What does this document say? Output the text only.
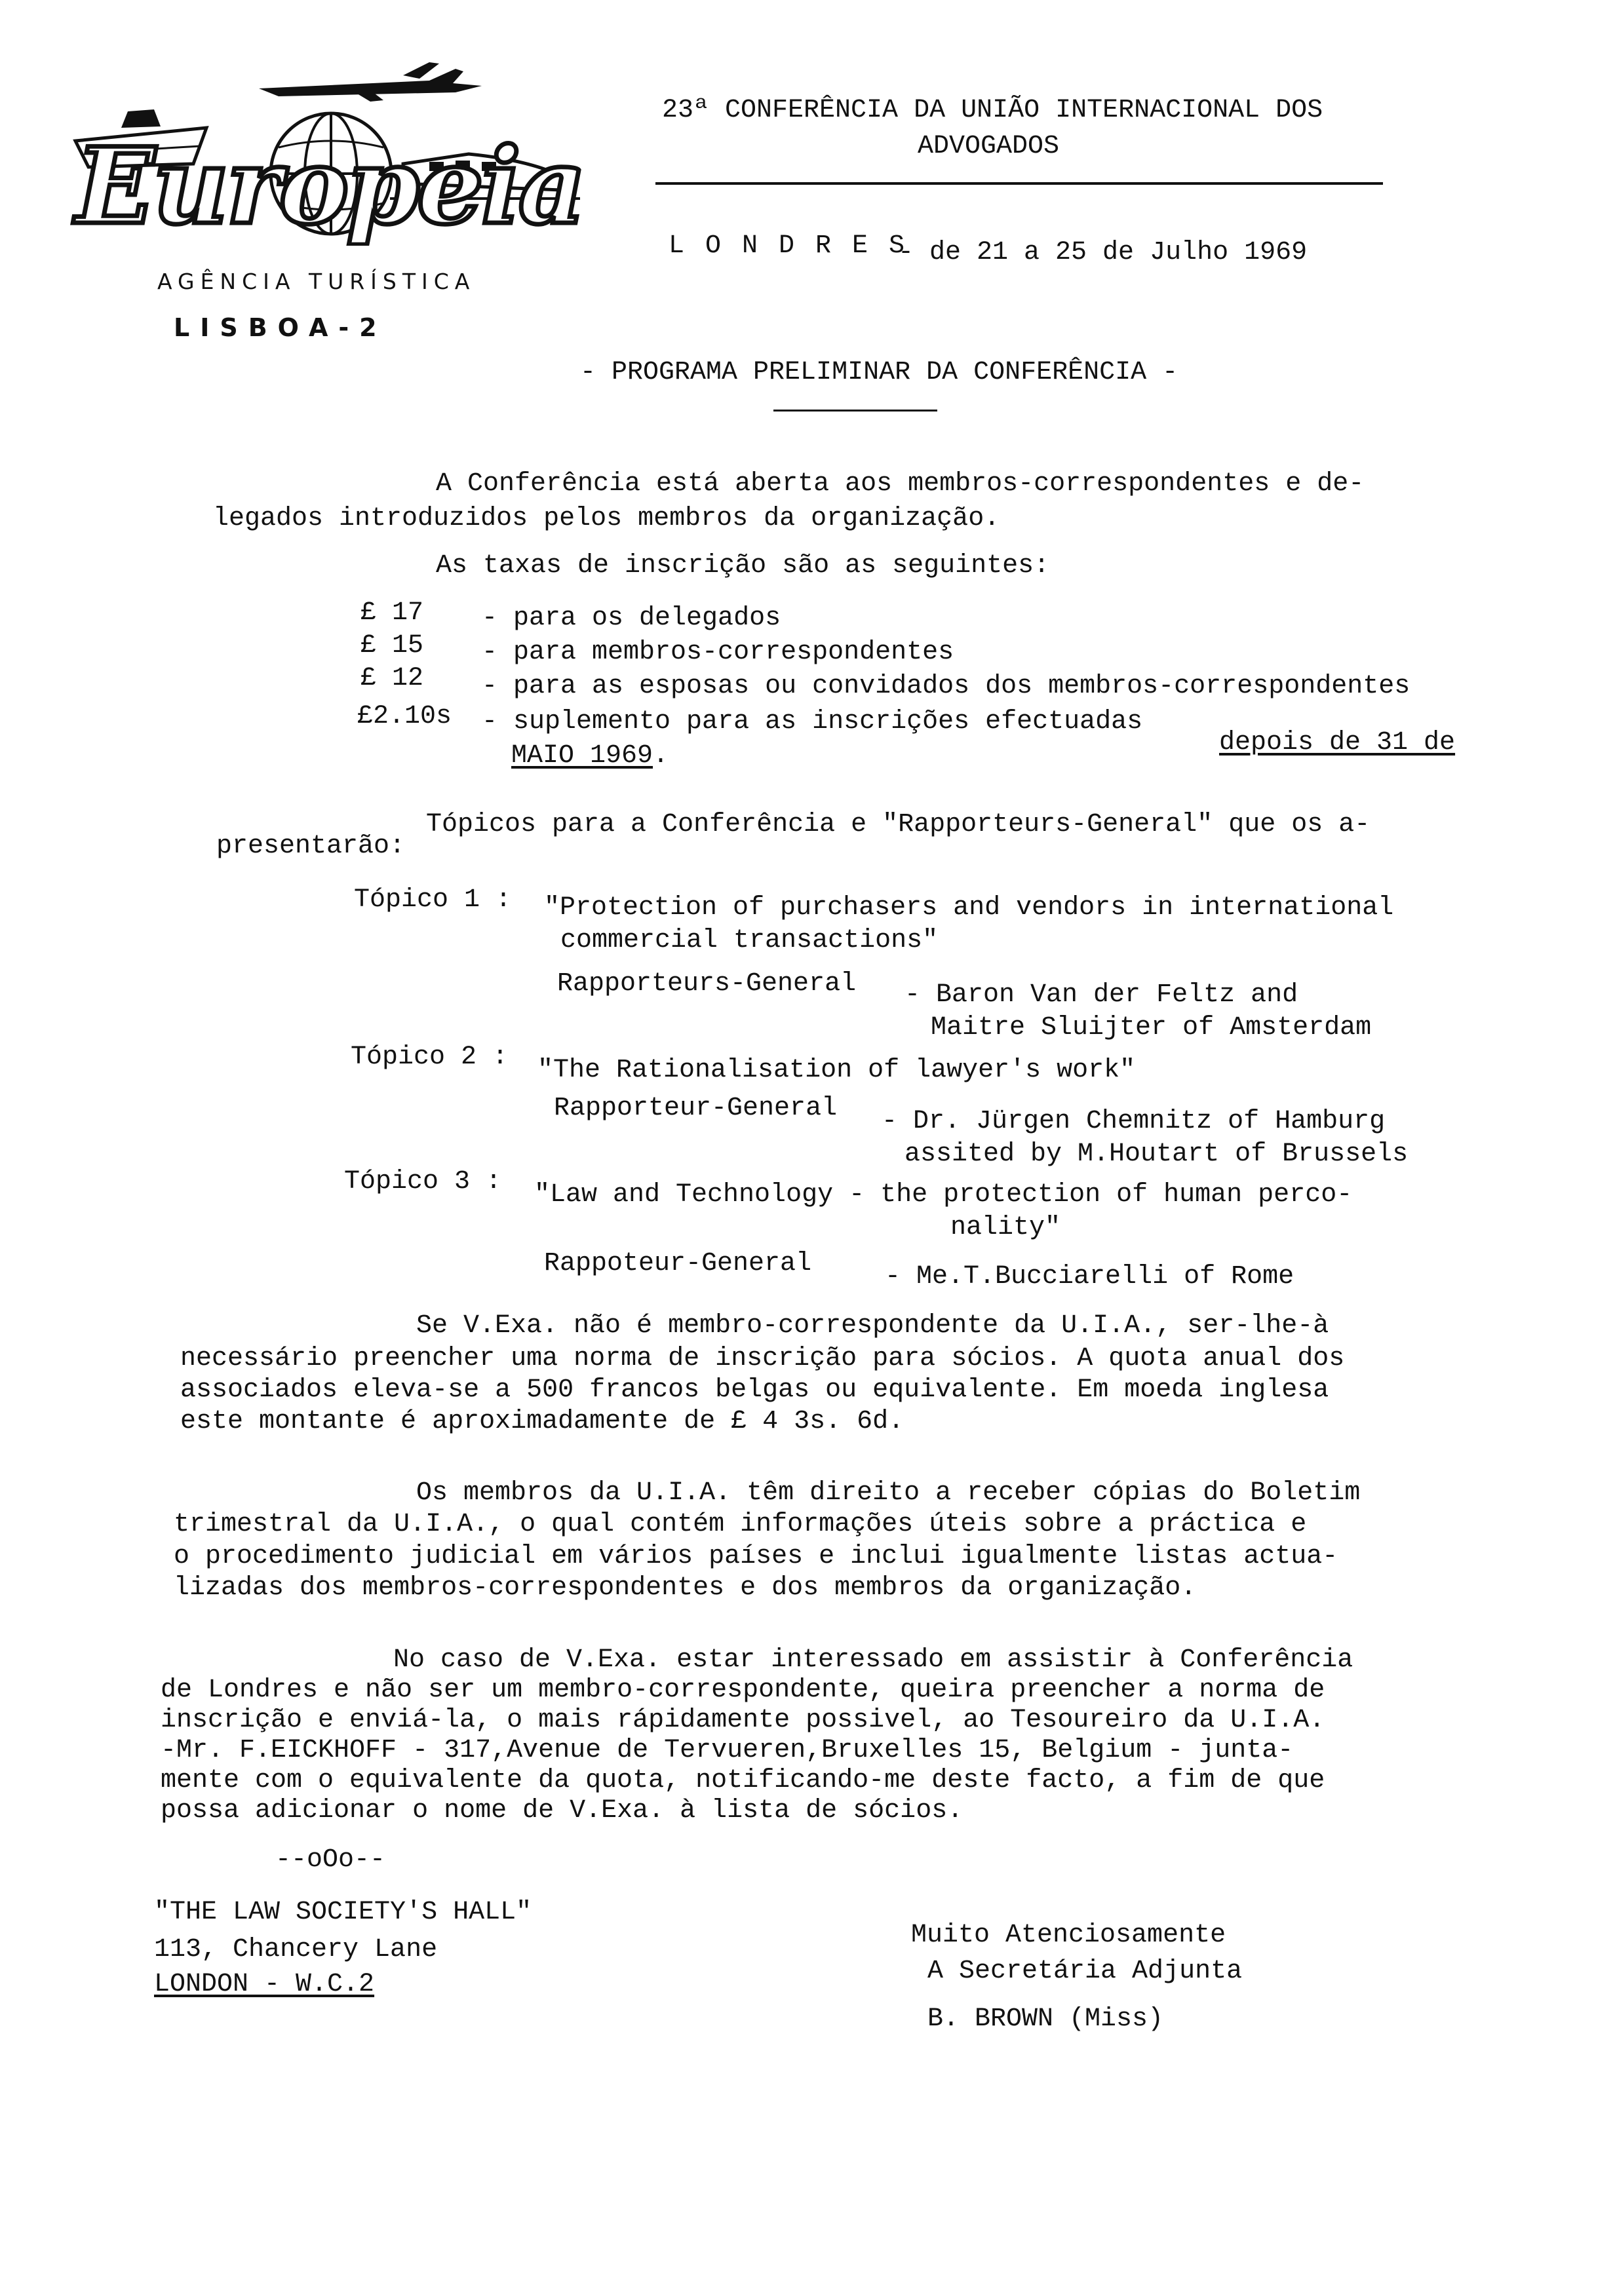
Europeia
AGÊNCIA TURÍSTICA
LISBOA-2
23ª CONFERÊNCIA DA UNIÃO INTERNACIONAL DOS
ADVOGADOS
L O N D R E S
- de 21 a 25 de Julho 1969
- PROGRAMA PRELIMINAR DA CONFERÊNCIA -
A Conferência está aberta aos membros-correspondentes e de-
legados introduzidos pelos membros da organização.
As taxas de inscrição são as seguintes:
£ 17 - para os delegados
£ 15 - para membros-correspondentes
£ 12 - para as esposas ou convidados dos membros-correspondentes
£2.10s - suplemento para as inscrições efectuadas
depois de 31 de
MAIO 1969.
Tópicos para a Conferência e "Rapporteurs-General" que os a-
presentarão:
Tópico 1 : "Protection of purchasers and vendors in international
commercial transactions"
Rapporteurs-General - Baron Van der Feltz and
Maitre Sluijter of Amsterdam
Tópico 2 : "The Rationalisation of lawyer's work"
Rapporteur-General - Dr. Jürgen Chemnitz of Hamburg
assited by M.Houtart of Brussels
Tópico 3 : "Law and Technology - the protection of human perco-
nality"
Rappoteur-General	- Me.T.Bucciarelli of Rome
Se V.Exa. não é membro-correspondente da U.I.A., ser-lhe-à
necessário preencher uma norma de inscrição para sócios. A quota anual dos
associados eleva-se a 500 francos belgas ou equivalente. Em moeda inglesa
este montante é aproximadamente de £ 4 3s. 6d.
Os membros da U.I.A. têm direito a receber cópias do Boletim
trimestral da U.I.A., o qual contém informações úteis sobre a práctica e
o procedimento judicial em vários países e inclui igualmente listas actua-
lizadas dos membros-correspondentes e dos membros da organização.
No caso de V.Exa. estar interessado em assistir à Conferência
de Londres e não ser um membro-correspondente, queira preencher a norma de
inscrição e enviá-la, o mais rápidamente possivel, ao Tesoureiro da U.I.A.
-Mr. F.EICKHOFF - 317,Avenue de Tervueren,Bruxelles 15, Belgium - junta-
mente com o equivalente da quota, notificando-me deste facto, a fim de que
possa adicionar o nome de V.Exa. à lista de sócios.
--oOo--
"THE LAW SOCIETY'S HALL"
113, Chancery Lane
LONDON - W.C.2
Muito Atenciosamente
A Secretária Adjunta
B. BROWN (Miss)
